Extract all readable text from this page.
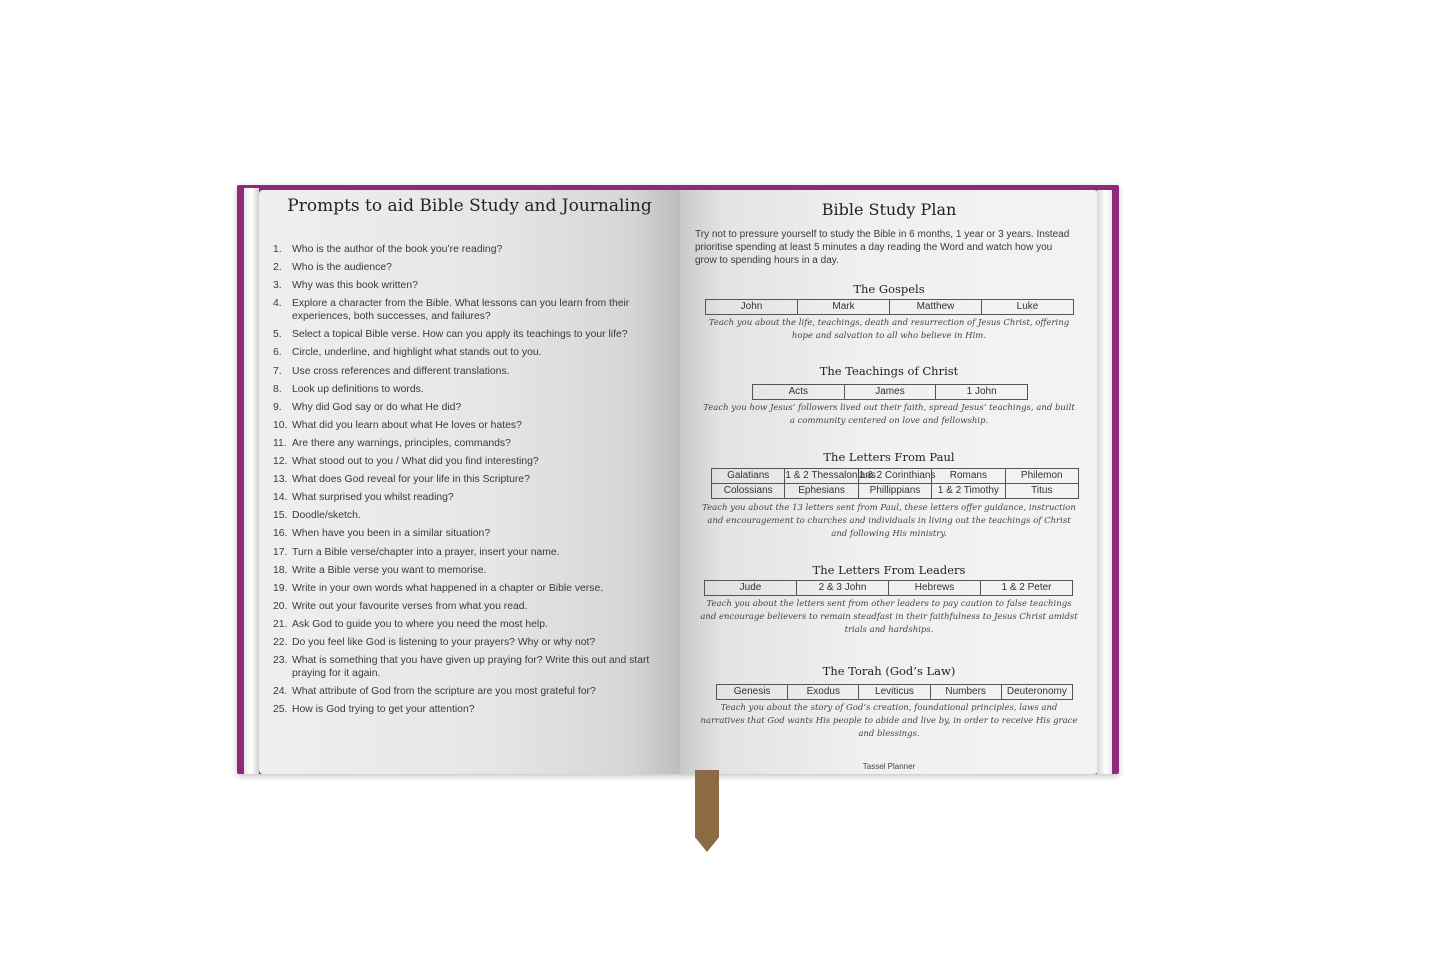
Prompts to aid Bible Study and Journaling
1. Who is the author of the book you’re reading?
2. Who is the audience?
3. Why was this book written?
4. Explore a character from the Bible. What lessons can you learn from their experiences, both successes, and failures?
5. Select a topical Bible verse. How can you apply its teachings to your life?
6. Circle, underline, and highlight what stands out to you.
7. Use cross references and different translations.
8. Look up definitions to words.
9. Why did God say or do what He did?
10. What did you learn about what He loves or hates?
11. Are there any warnings, principles, commands?
12. What stood out to you / What did you find interesting?
13. What does God reveal for your life in this Scripture?
14. What surprised you whilst reading?
15. Doodle/sketch.
16. When have you been in a similar situation?
17. Turn a Bible verse/chapter into a prayer, insert your name.
18. Write a Bible verse you want to memorise.
19. Write in your own words what happened in a chapter or Bible verse.
20. Write out your favourite verses from what you read.
21. Ask God to guide you to where you need the most help.
22. Do you feel like God is listening to your prayers? Why or why not?
23. What is something that you have given up praying for? Write this out and start praying for it again.
24. What attribute of God from the scripture are you most grateful for?
25. How is God trying to get your attention?
Bible Study Plan
Try not to pressure yourself to study the Bible in 6 months, 1 year or 3 years. Instead prioritise spending at least 5 minutes a day reading the Word and watch how you grow to spending hours in a day.
The Gospels
John	Mark	Matthew	Luke
Teach you about the life, teachings, death and resurrection of Jesus Christ, offering hope and salvation to all who believe in Him.
The Teachings of Christ
Acts	James	1 John
Teach you how Jesus’ followers lived out their faith, spread Jesus’ teachings, and built a community centered on love and fellowship.
The Letters From Paul
Galatians	1 & 2 Thessalonians	1 & 2 Corinthians	Romans	Philemon
Colossians	Ephesians	Phillippians	1 & 2 Timothy	Titus
Teach you about the 13 letters sent from Paul, these letters offer guidance, instruction and encouragement to churches and individuals in living out the teachings of Christ and following His ministry.
The Letters From Leaders
Jude	2 & 3 John	Hebrews	1 & 2 Peter
Teach you about the letters sent from other leaders to pay caution to false teachings and encourage believers to remain steadfast in their faithfulness to Jesus Christ amidst trials and hardships.
The Torah (God’s Law)
Genesis	Exodus	Leviticus	Numbers	Deuteronomy
Teach you about the story of God’s creation, foundational principles, laws and narratives that God wants His people to abide and live by, in order to receive His grace and blessings.
Tassel Planner
